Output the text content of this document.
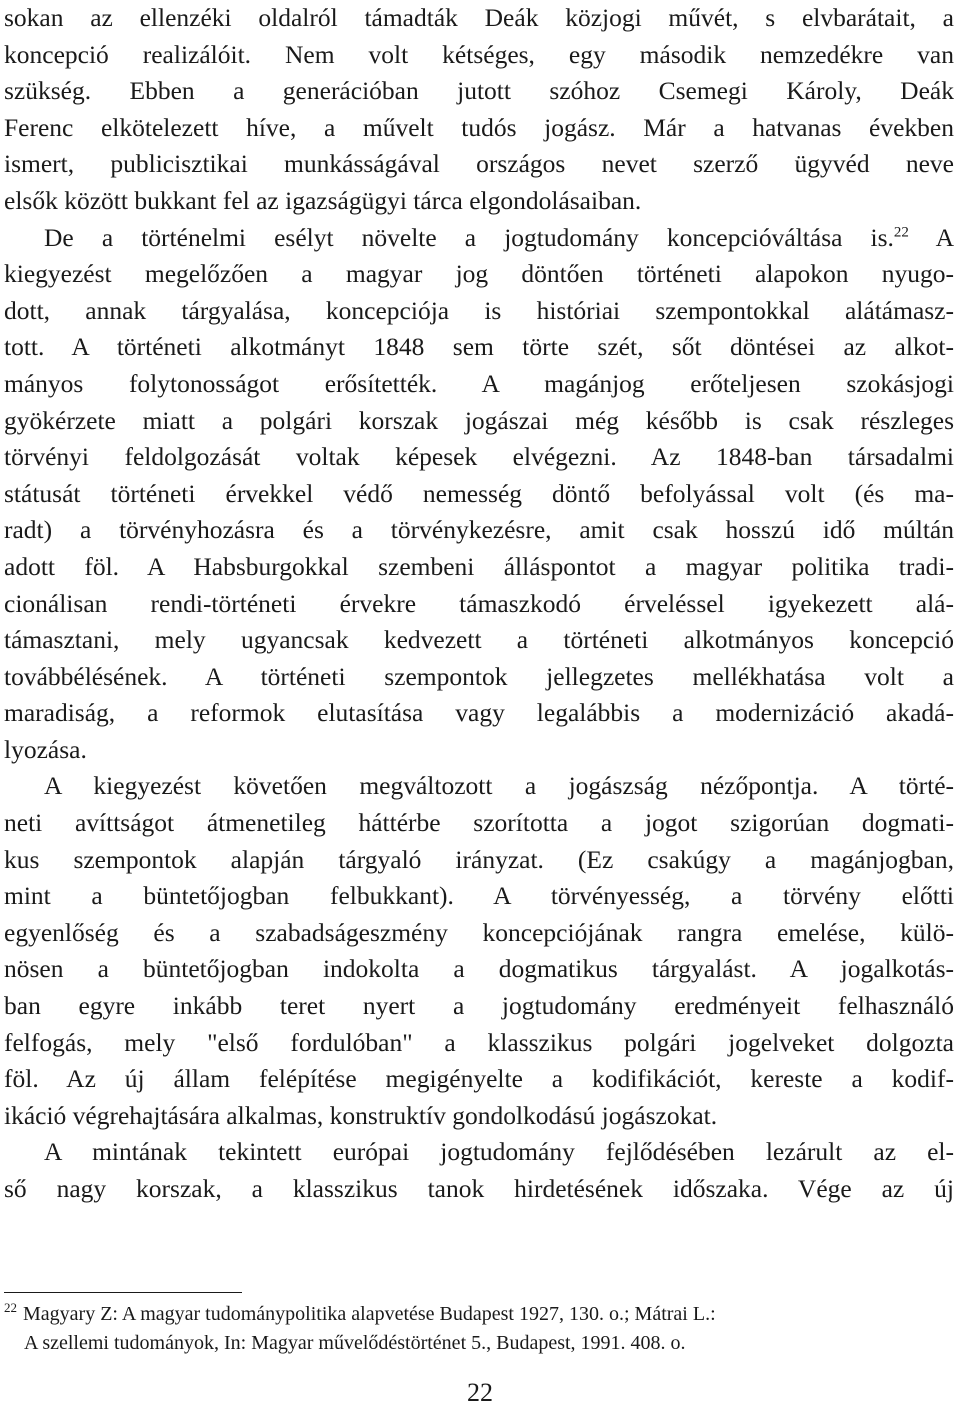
sokan az ellenzéki oldalról támadták Deák közjogi művét, s elvbarátait, a
koncepció realizálóit. Nem volt kétséges, egy második nemzedékre van
szükség. Ebben a generációban jutott szóhoz Csemegi Károly, Deák
Ferenc elkötelezett híve, a művelt tudós jogász. Már a hatvanas években
ismert, publicisztikai munkásságával országos nevet szerző ügyvéd neve
elsők között bukkant fel az igazságügyi tárca elgondolásaiban.

De a történelmi esélyt növelte a jogtudomány koncepcióváltása is.$^{22}$ A
kiegyezést megelőzően a magyar jog döntően történeti alapokon nyugo-
dott, annak tárgyalása, koncepciója is históriai szempontokkal alátámasz-
tott. A történeti alkotmányt 1848 sem törte szét, sőt döntései az alkot-
mányos folytonosságot erősítették. A magánjog erőteljesen szokásjogi
gyökérzete miatt a polgári korszak jogászai még később is csak részleges
törvényi feldolgozását voltak képesek elvégezni. Az 1848-ban társadalmi
státusát történeti érvekkel védő nemesség döntő befolyással volt (és ma-
radt) a törvényhozásra és a törvénykezésre, amit csak hosszú idő múltán
adott föl. A Habsburgokkal szembeni álláspontot a magyar politika tradi-
cionálisan rendi-történeti érvekre támaszkodó érveléssel igyekezett alá-
támasztani, mely ugyancsak kedvezett a történeti alkotmányos koncepció
továbbélésének. A történeti szempontok jellegzetes mellékhatása volt a
maradiság, a reformok elutasítása vagy legalábbis a modernizáció akadá-
lyozása.

A kiegyezést követően megváltozott a jogászság nézőpontja. A törté-
neti avíttságot átmenetileg háttérbe szorította a jogot szigorúan dogmati-
kus szempontok alapján tárgyaló irányzat. (Ez csakúgy a magánjogban,
mint a büntetőjogban felbukkant). A törvényesség, a törvény előtti
egyenlőség és a szabadságeszmény koncepciójának rangra emelése, külö-
nösen a büntetőjogban indokolta a dogmatikus tárgyalást. A jogalkotás-
ban egyre inkább teret nyert a jogtudomány eredményeit felhasználó
felfogás, mely "első fordulóban" a klasszikus polgári jogelveket dolgozta
föl. Az új állam felépítése megigényelte a kodifikációt, kereste a kodif-
ikáció végrehajtására alkalmas, konstruktív gondolkodású jogászokat.

A mintának tekintett európai jogtudomány fejlődésében lezárult az el-
ső nagy korszak, a klasszikus tanok hirdetésének időszaka. Vége az új

$^{22}$ Magyary Z: A magyar tudománypolitika alapvetése Budapest 1927, 130. o.; Mátrai L.:
A szellemi tudományok, In: Magyar művelődéstörténet 5., Budapest, 1991. 408. o.
22
